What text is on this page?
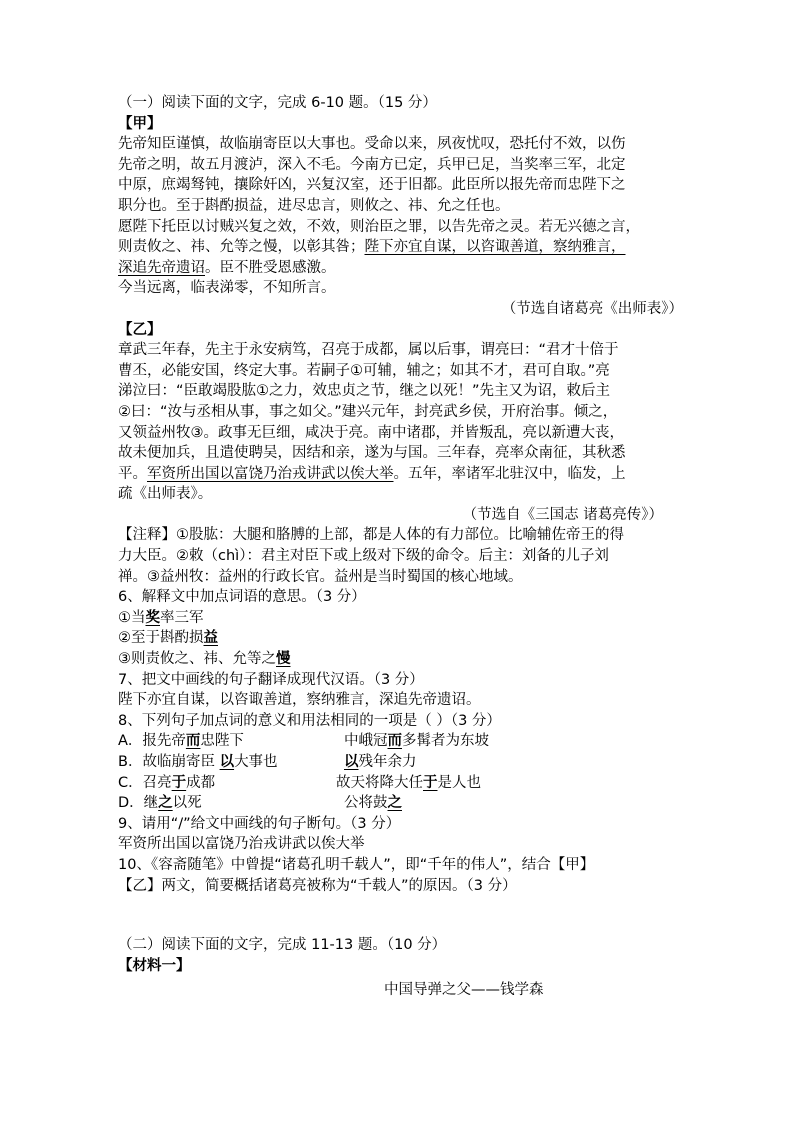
（一）阅读下面的文字，完成 6-10 题。（15 分）
【甲】
先帝知臣谨慎，故临崩寄臣以大事也。受命以来，夙夜忧叹，恐托付不效，以伤
先帝之明，故五月渡泸，深入不毛。今南方已定，兵甲已足，当奖率三军，北定
中原，庶竭驽钝，攘除奸凶，兴复汉室，还于旧都。此臣所以报先帝而忠陛下之
职分也。至于斟酌损益，进尽忠言，则攸之、祎、允之任也。
愿陛下托臣以讨贼兴复之效，不效，则治臣之罪，以告先帝之灵。若无兴德之言，
则责攸之、祎、允等之慢，以彰其咎；陛下亦宜自谋，以咨诹善道，察纳雅言，
深追先帝遗诏。臣不胜受恩感激。
今当远离，临表涕零，不知所言。
（节选自诸葛亮《出师表》）
【乙】
章武三年春，先主于永安病笃，召亮于成都，属以后事，谓亮曰：“君才十倍于
曹丕，必能安国，终定大事。若嗣子①可辅，辅之；如其不才，君可自取。”亮
涕泣曰：“臣敢竭股肱①之力，效忠贞之节，继之以死！”先主又为诏，敕后主
②曰：“汝与丞相从事，事之如父。”建兴元年，封亮武乡侯，开府治事。倾之，
又领益州牧③。政事无巨细，咸决于亮。南中诸郡，并皆叛乱，亮以新遭大丧，
故未便加兵，且遣使聘吴，因结和亲，遂为与国。三年春，亮率众南征，其秋悉
平。军资所出国以富饶乃治戎讲武以俟大举。五年，率诸军北驻汉中，临发，上
疏《出师表》。
（节选自《三国志 诸葛亮传》）
【注释】①股肱：大腿和胳膊的上部，都是人体的有力部位。比喻辅佐帝王的得
力大臣。②敕（chì）：君主对臣下或上级对下级的命令。后主：刘备的儿子刘
禅。③益州牧：益州的行政长官。益州是当时蜀国的核心地域。
6、解释文中加点词语的意思。（3 分）
①当奖率三军
②至于斟酌损益
③则责攸之、祎、允等之慢
7、把文中画线的句子翻译成现代汉语。（3 分）
陛下亦宜自谋，以咨诹善道，察纳雅言，深追先帝遗诏。
8、下列句子加点词的意义和用法相同的一项是（ ）（3 分）
A．报先帝而忠陛下	中峨冠而多髯者为东坡
B．故临崩寄臣 以大事也	以残年余力
C．召亮于成都	故天将降大任于是人也
D．继之以死	公将鼓之
9、请用“/”给文中画线的句子断句。（3 分）
军资所出国以富饶乃治戎讲武以俟大举
10、《容斋随笔》中曾提“诸葛孔明千载人”，即“千年的伟人”，结合【甲】
【乙】两文，简要概括诸葛亮被称为“千载人”的原因。（3 分）
（二）阅读下面的文字，完成 11-13 题。（10 分）
【材料一】
中国导弹之父——钱学森
